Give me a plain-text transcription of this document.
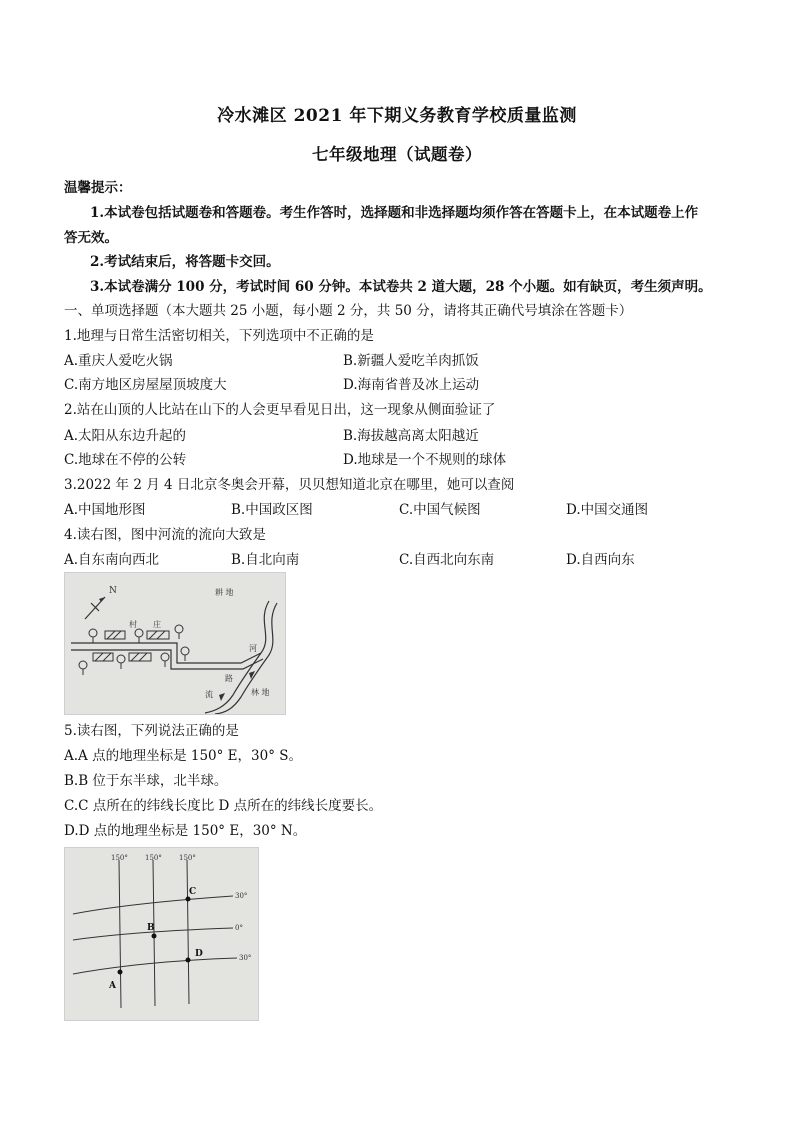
冷水滩区 2021 年下期义务教育学校质量监测
七年级地理（试题卷）
温馨提示：
1.本试卷包括试题卷和答题卷。考生作答时，选择题和非选择题均须作答在答题卡上，在本试题卷上作
答无效。
2.考试结束后，将答题卡交回。
3.本试卷满分 100 分，考试时间 60 分钟。本试卷共 2 道大题，28 个小题。如有缺页，考生须声明。
一、单项选择题（本大题共 25 小题，每小题 2 分，共 50 分，请将其正确代号填涂在答题卡）
1.地理与日常生活密切相关，下列选项中不正确的是
A.重庆人爱吃火锅	B.新疆人爱吃羊肉抓饭
C.南方地区房屋屋顶坡度大	D.海南省普及冰上运动
2.站在山顶的人比站在山下的人会更早看见日出，这一现象从侧面验证了
A.太阳从东边升起的	B.海拔越高离太阳越近
C.地球在不停的公转	D.地球是一个不规则的球体
3.2022 年 2 月 4 日北京冬奥会开幕，贝贝想知道北京在哪里，她可以查阅
A.中国地形图	B.中国政区图	C.中国气候图	D.中国交通图
4.读右图，图中河流的流向大致是
A.自东南向西北	B.自北向南	C.自西北向东南	D.自西向东
N	耕 地
村 庄
路
河
流	林 地
5.读右图，下列说法正确的是
A.A 点的地理坐标是 150° E，30° S。
B.B 位于东半球，北半球。
C.C 点所在的纬线长度比 D 点所在的纬线长度要长。
D.D 点的地理坐标是 150° E，30° N。
150° 150° 150°
30°
0°
30°
A
B
C
D
